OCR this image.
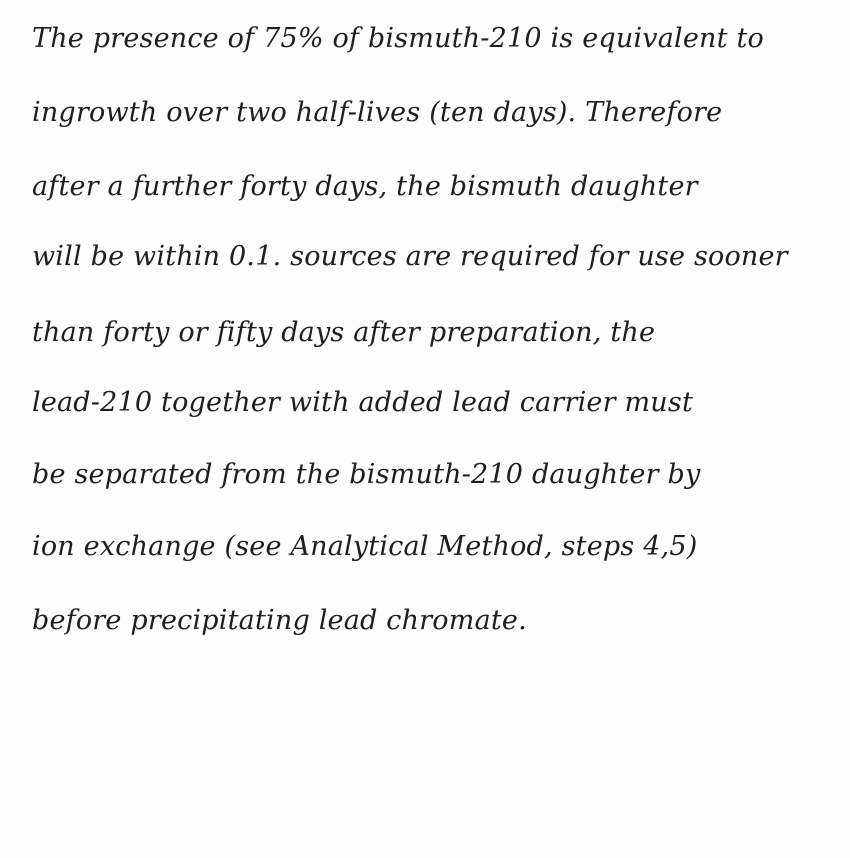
The presence of 75% of bismuth-210 is equivalent to

ingrowth over two half-lives (ten days). Therefore

after a further forty days, the bismuth daughter

will be within 0.1. sources are required for use sooner

than forty or fifty days after preparation, the

lead-210 together with added lead carrier must

be separated from the bismuth-210 daughter by

ion exchange (see Analytical Method, steps 4,5)

before precipitating lead chromate.
